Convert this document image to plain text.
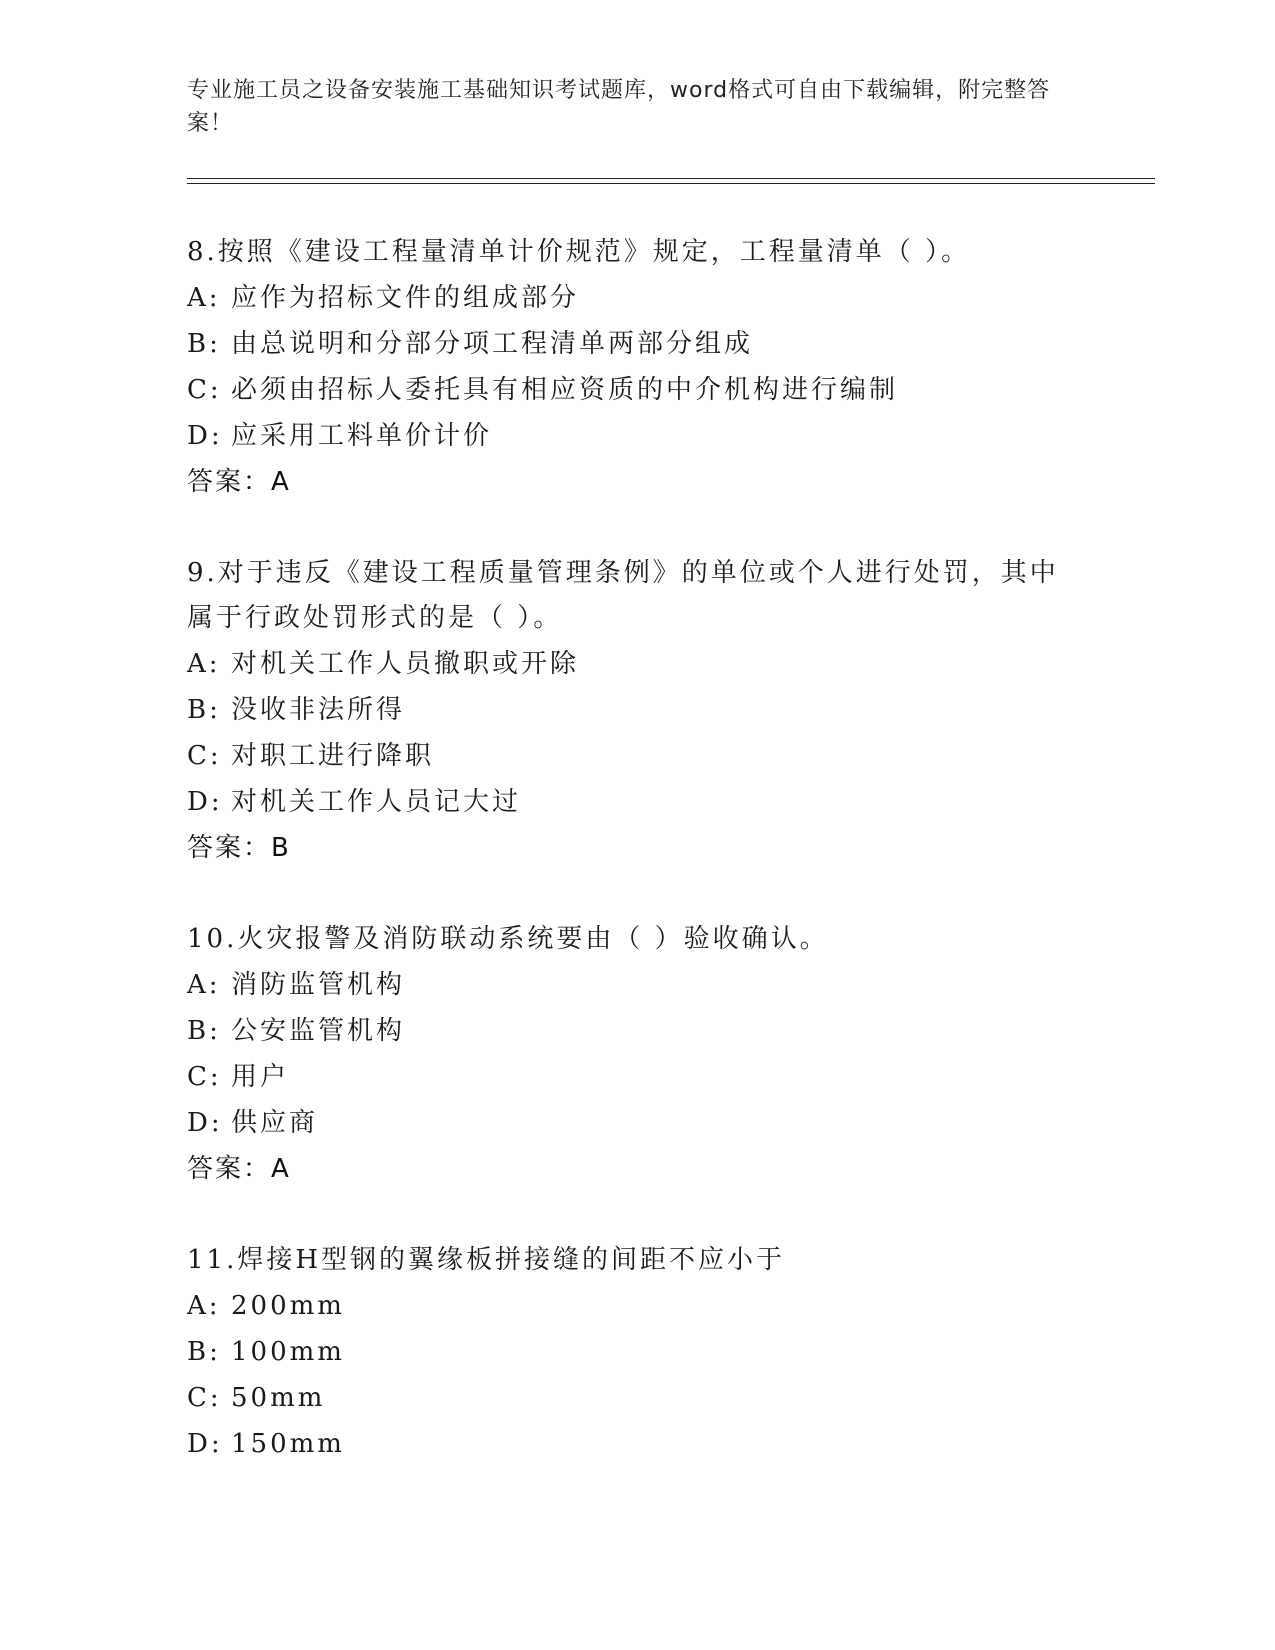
专业施工员之设备安装施工基础知识考试题库，word格式可自由下载编辑，附完整答案！
8.按照《建设工程量清单计价规范》规定，工程量清单（ ）。
A: 应作为招标文件的组成部分
B: 由总说明和分部分项工程清单两部分组成
C: 必须由招标人委托具有相应资质的中介机构进行编制
D: 应采用工料单价计价
答案：A
9.对于违反《建设工程质量管理条例》的单位或个人进行处罚，其中属于行政处罚形式的是（ ）。
A: 对机关工作人员撤职或开除
B: 没收非法所得
C: 对职工进行降职
D: 对机关工作人员记大过
答案：B
10.火灾报警及消防联动系统要由（ ）验收确认。
A: 消防监管机构
B: 公安监管机构
C: 用户
D: 供应商
答案：A
11.焊接H型钢的翼缘板拼接缝的间距不应小于
A: 200mm
B: 100mm
C: 50mm
D: 150mm
